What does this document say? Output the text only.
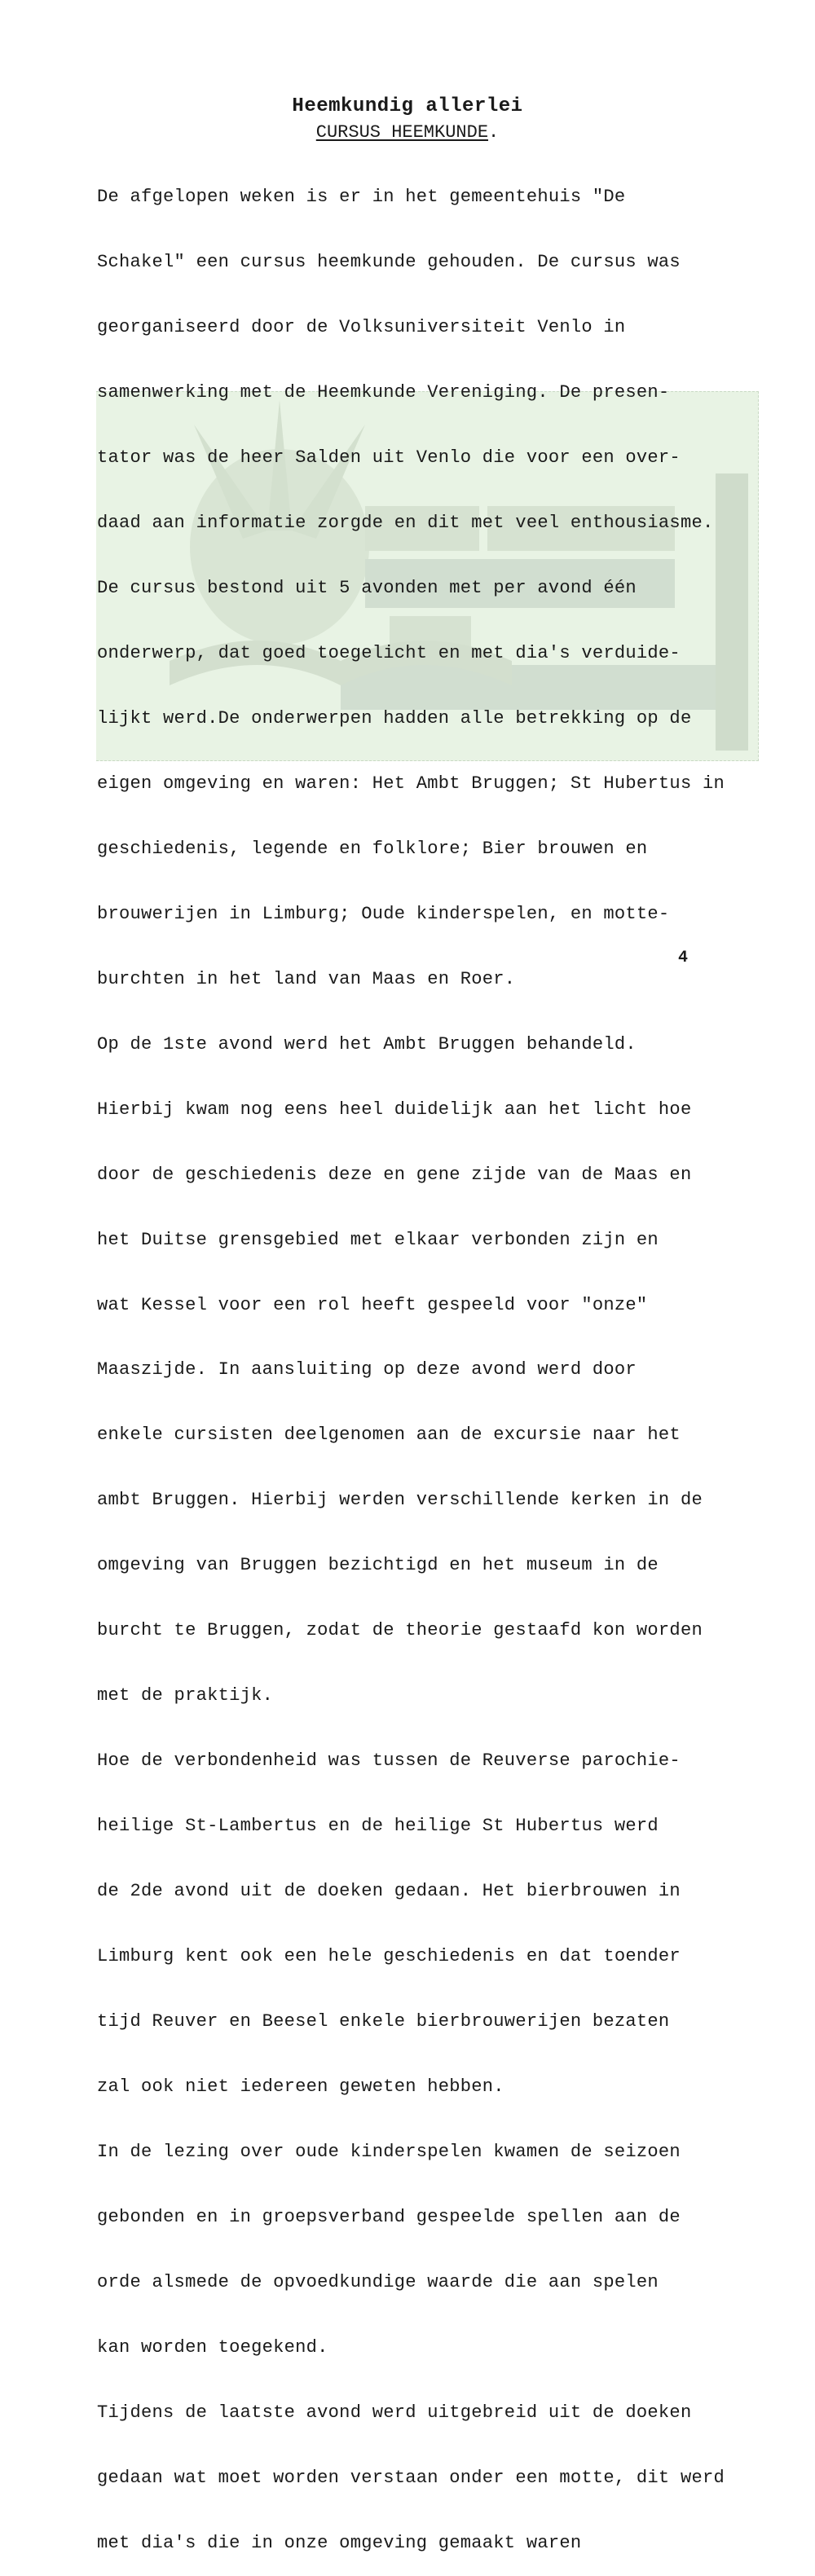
Heemkundig allerlei

CURSUS HEEMKUNDE.

De afgelopen weken is er in het gemeentehuis "De

Schakel" een cursus heemkunde gehouden. De cursus was

georganiseerd door de Volksuniversiteit Venlo in

samenwerking met de Heemkunde Vereniging. De presen-

tator was de heer Salden uit Venlo die voor een over-

daad aan informatie zorgde en dit met veel enthousiasme.

De cursus bestond uit 5 avonden met per avond één

onderwerp, dat goed toegelicht en met dia's verduide-

lijkt werd.De onderwerpen hadden alle betrekking op de

eigen omgeving en waren: Het Ambt Bruggen; St Hubertus in

geschiedenis, legende en folklore; Bier brouwen en

brouwerijen in Limburg; Oude kinderspelen, en motte-

burchten in het land van Maas en Roer.

Op de 1ste avond werd het Ambt Bruggen behandeld.

Hierbij kwam nog eens heel duidelijk aan het licht hoe

door de geschiedenis deze en gene zijde van de Maas en

het Duitse grensgebied met elkaar verbonden zijn en

wat Kessel voor een rol heeft gespeeld voor "onze"

Maaszijde. In aansluiting op deze avond werd door

enkele cursisten deelgenomen aan de excursie naar het

ambt Bruggen. Hierbij werden verschillende kerken in de

omgeving van Bruggen bezichtigd en het museum in de

burcht te Bruggen, zodat de theorie gestaafd kon worden

met de praktijk.

Hoe de verbondenheid was tussen de Reuverse parochie-

heilige St-Lambertus en de heilige St Hubertus werd

de 2de avond uit de doeken gedaan. Het bierbrouwen in

Limburg kent ook een hele geschiedenis en dat toender

tijd Reuver en Beesel enkele bierbrouwerijen bezaten

zal ook niet iedereen geweten hebben.

In de lezing over oude kinderspelen kwamen de seizoen

gebonden en in groepsverband gespeelde spellen aan de

orde alsmede de opvoedkundige waarde die aan spelen

kan worden toegekend.

Tijdens de laatste avond werd uitgebreid uit de doeken

gedaan wat moet worden verstaan onder een motte, dit werd

met dia's die in onze omgeving gemaakt waren

4
